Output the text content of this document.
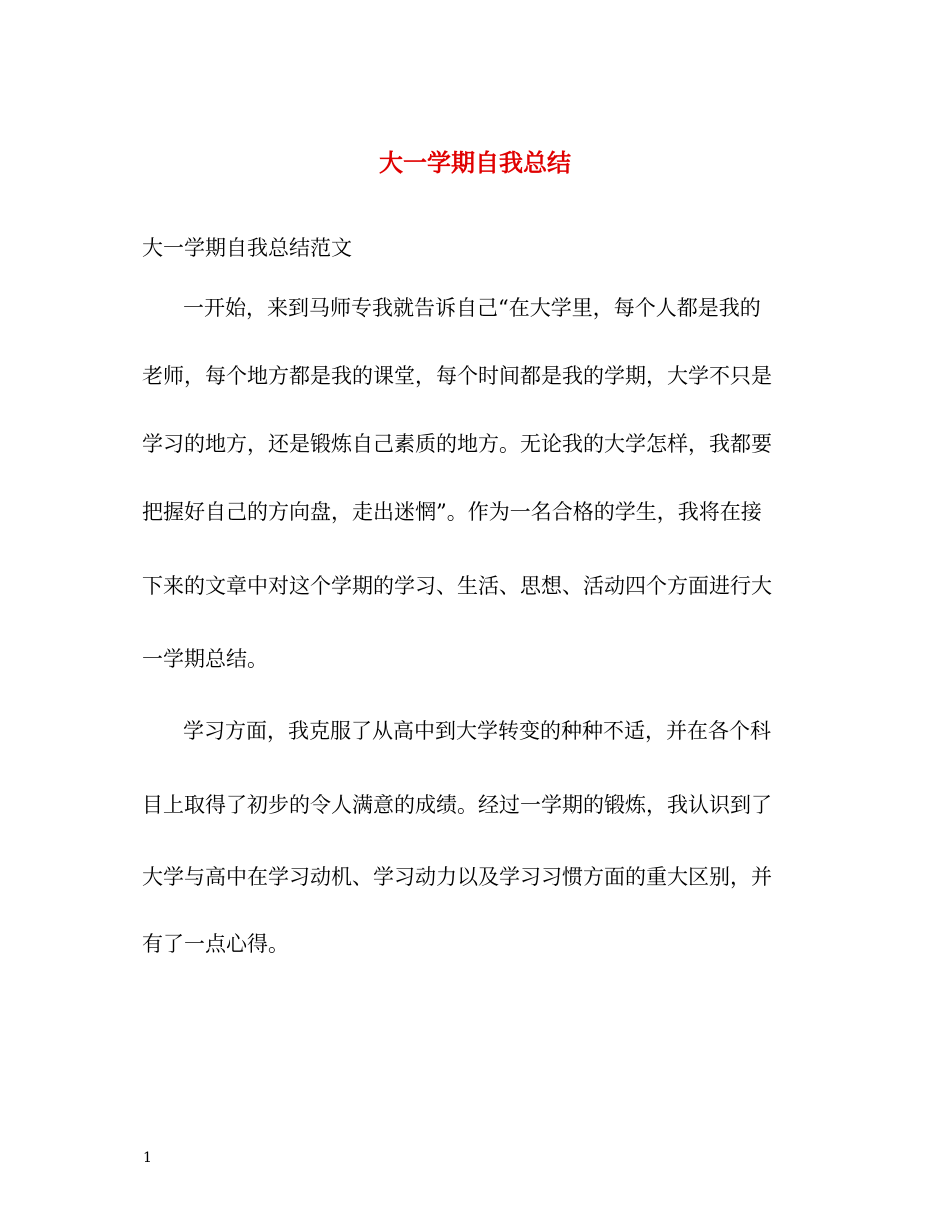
大一学期自我总结
大一学期自我总结范文
一开始，来到马师专我就告诉自己“在大学里，每个人都是我的
老师，每个地方都是我的课堂，每个时间都是我的学期，大学不只是
学习的地方，还是锻炼自己素质的地方。无论我的大学怎样，我都要
把握好自己的方向盘，走出迷惘”。作为一名合格的学生，我将在接
下来的文章中对这个学期的学习、生活、思想、活动四个方面进行大
一学期总结。
学习方面，我克服了从高中到大学转变的种种不适，并在各个科
目上取得了初步的令人满意的成绩。经过一学期的锻炼，我认识到了
大学与高中在学习动机、学习动力以及学习习惯方面的重大区别，并
有了一点心得。
1
